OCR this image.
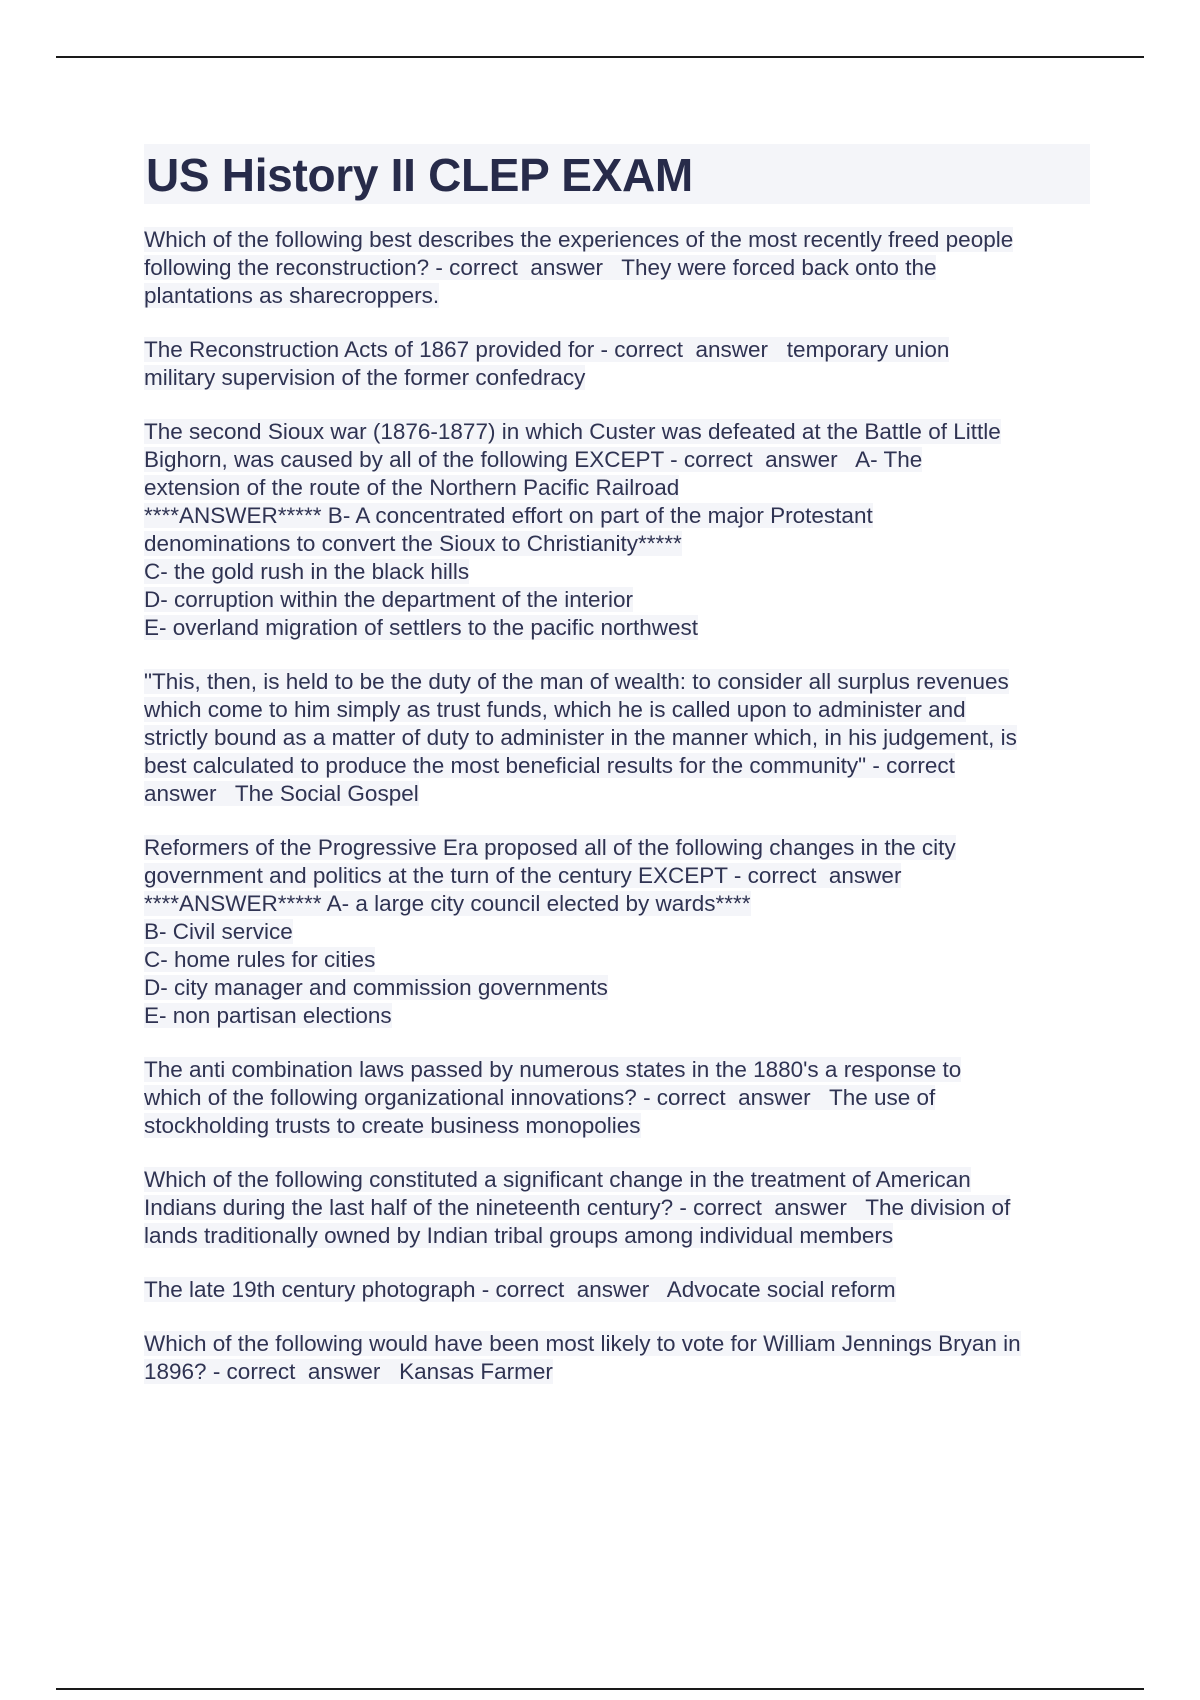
US History II CLEP EXAM
Which of the following best describes the experiences of the most recently freed people
following the reconstruction? - correct  answer   They were forced back onto the
plantations as sharecroppers.
The Reconstruction Acts of 1867 provided for - correct  answer   temporary union
military supervision of the former confedracy
The second Sioux war (1876-1877) in which Custer was defeated at the Battle of Little
Bighorn, was caused by all of the following EXCEPT - correct  answer   A- The
extension of the route of the Northern Pacific Railroad
****ANSWER***** B- A concentrated effort on part of the major Protestant
denominations to convert the Sioux to Christianity*****
C- the gold rush in the black hills
D- corruption within the department of the interior
E- overland migration of settlers to the pacific northwest
"This, then, is held to be the duty of the man of wealth: to consider all surplus revenues
which come to him simply as trust funds, which he is called upon to administer and
strictly bound as a matter of duty to administer in the manner which, in his judgement, is
best calculated to produce the most beneficial results for the community" - correct
answer   The Social Gospel
Reformers of the Progressive Era proposed all of the following changes in the city
government and politics at the turn of the century EXCEPT - correct  answer
****ANSWER***** A- a large city council elected by wards****
B- Civil service
C- home rules for cities
D- city manager and commission governments
E- non partisan elections
The anti combination laws passed by numerous states in the 1880's a response to
which of the following organizational innovations? - correct  answer   The use of
stockholding trusts to create business monopolies
Which of the following constituted a significant change in the treatment of American
Indians during the last half of the nineteenth century? - correct  answer   The division of
lands traditionally owned by Indian tribal groups among individual members
The late 19th century photograph - correct  answer   Advocate social reform
Which of the following would have been most likely to vote for William Jennings Bryan in
1896? - correct  answer   Kansas Farmer
